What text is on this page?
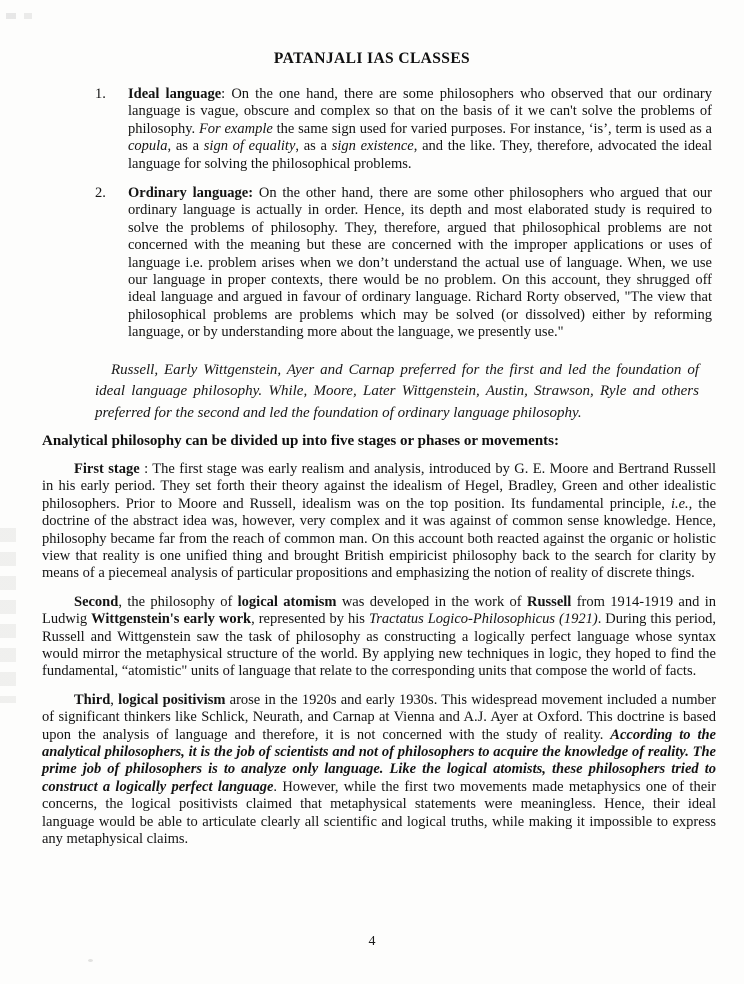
PATANJALI IAS CLASSES
1.	Ideal language: On the one hand, there are some philosophers who observed that our ordinary language is vague, obscure and complex so that on the basis of it we can't solve the problems of philosophy. For example the same sign used for varied purposes. For instance, ‘is’, term is used as a copula, as a sign of equality, as a sign existence, and the like. They, therefore, advocated the ideal language for solving the philosophical problems.
2.	Ordinary language: On the other hand, there are some other philosophers who argued that our ordinary language is actually in order. Hence, its depth and most elaborated study is required to solve the problems of philosophy. They, therefore, argued that philosophical problems are not concerned with the meaning but these are concerned with the improper applications or uses of language i.e. problem arises when we don’t understand the actual use of language. When, we use our language in proper contexts, there would be no problem. On this account, they shrugged off ideal language and argued in favour of ordinary language. Richard Rorty observed, "The view that philosophical problems are problems which may be solved (or dissolved) either by reforming language, or by understanding more about the language, we presently use."
Russell, Early Wittgenstein, Ayer and Carnap preferred for the first and led the foundation of ideal language philosophy. While, Moore, Later Wittgenstein, Austin, Strawson, Ryle and others preferred for the second and led the foundation of ordinary language philosophy.
Analytical philosophy can be divided up into five stages or phases or movements:
First stage : The first stage was early realism and analysis, introduced by G. E. Moore and Bertrand Russell in his early period. They set forth their theory against the idealism of Hegel, Bradley, Green and other idealistic philosophers. Prior to Moore and Russell, idealism was on the top position. Its fundamental principle, i.e., the doctrine of the abstract idea was, however, very complex and it was against of common sense knowledge. Hence, philosophy became far from the reach of common man. On this account both reacted against the organic or holistic view that reality is one unified thing and brought British empiricist philosophy back to the search for clarity by means of a piecemeal analysis of particular propositions and emphasizing the notion of reality of discrete things.
Second, the philosophy of logical atomism was developed in the work of Russell from 1914-1919 and in Ludwig Wittgenstein's early work, represented by his Tractatus Logico-Philosophicus (1921). During this period, Russell and Wittgenstein saw the task of philosophy as constructing a logically perfect language whose syntax would mirror the metaphysical structure of the world. By applying new techniques in logic, they hoped to find the fundamental, “atomistic" units of language that relate to the corresponding units that compose the world of facts.
Third, logical positivism arose in the 1920s and early 1930s. This widespread movement included a number of significant thinkers like Schlick, Neurath, and Carnap at Vienna and A.J. Ayer at Oxford. This doctrine is based upon the analysis of language and therefore, it is not concerned with the study of reality. According to the analytical philosophers, it is the job of scientists and not of philosophers to acquire the knowledge of reality. The prime job of philosophers is to analyze only language. Like the logical atomists, these philosophers tried to construct a logically perfect language. However, while the first two movements made metaphysics one of their concerns, the logical positivists claimed that metaphysical statements were meaningless. Hence, their ideal language would be able to articulate clearly all scientific and logical truths, while making it impossible to express any metaphysical claims.
4
